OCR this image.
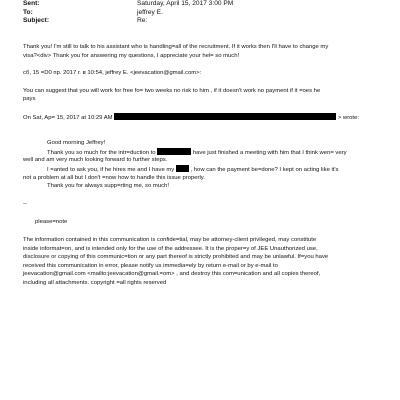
Sent:	Saturday, April 15, 2017 3:00 PM
To:	jeffrey E.
Subject:	Re:
Thank you! I'm still to talk to his assistant who is handling=all of the recruitment. If it works then I'll have to change my
visa?<div> Thank you for answering my questions, I appreciate your hel= so much!
сб, 15 =D0 пр. 2017 г. в 10:54, jeffrey E. <jeevacation@gmail.com>:
You can suggest that you will work for free fo= two weeks no risk to him , if it doesn't work no payment if it =oes he
pays
On Sat, Ap= 15, 2017 at 10:29 AM	> wrote:
Good morning Jeffrey!
Thank you so much for the intr=duction to	have just finished a meeting with him that I think wen= very
well and am very much looking forward to further steps.
I =anted to ask you, if he hires me and I have my	, how can the payment be=done? I kept on acting like it's
not a problem at all but I don't =now how to handle this issue properly.
Thank you for always supp=rting me, so much!
--
please=note
The information contained in this communication is confide=tial, may be attorney-client privileged, may constitute
inside informat=on, and is intended only for the use of the addressee. It is the proper=y of JEE Unauthorized use,
disclosure or copying of this communic=tion or any part thereof is strictly prohibited and may be unlawful. If=you have
received this communication in error, please notify us immedia=ely by return e-mail or by e-mail to
jeevacation@gmail.com <mailto:jeevacation@gmail.=om> , and destroy this com=unication and all copies thereof,
including all attachments. copyright =all rights reserved
